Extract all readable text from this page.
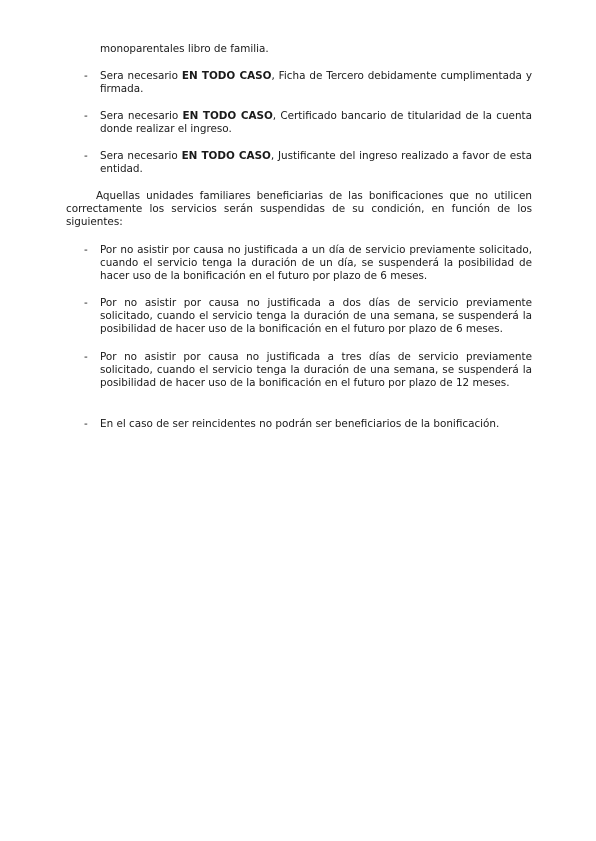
monoparentales libro de familia.
-	Sera necesario EN TODO CASO, Ficha de Tercero debidamente cumplimentada y firmada.
-	Sera necesario EN TODO CASO, Certificado bancario de titularidad de la cuenta donde realizar el ingreso.
-	Sera necesario EN TODO CASO, Justificante del ingreso realizado a favor de esta entidad.
Aquellas unidades familiares beneficiarias de las bonificaciones que no utilicen correctamente los servicios serán suspendidas de su condición, en función de los siguientes:
-	Por no asistir por causa no justificada a un día de servicio previamente solicitado, cuando el servicio tenga la duración de un día, se suspenderá la posibilidad de hacer uso de la bonificación en el futuro por plazo de 6 meses.
-	Por no asistir por causa no justificada a dos días de servicio previamente solicitado, cuando el servicio tenga la duración de una semana, se suspenderá la posibilidad de hacer uso de la bonificación en el futuro por plazo de 6 meses.
-	Por no asistir por causa no justificada a tres días de servicio previamente solicitado, cuando el servicio tenga la duración de una semana, se suspenderá la posibilidad de hacer uso de la bonificación en el futuro por plazo de 12 meses.
-	En el caso de ser reincidentes no podrán ser beneficiarios de la bonificación.
